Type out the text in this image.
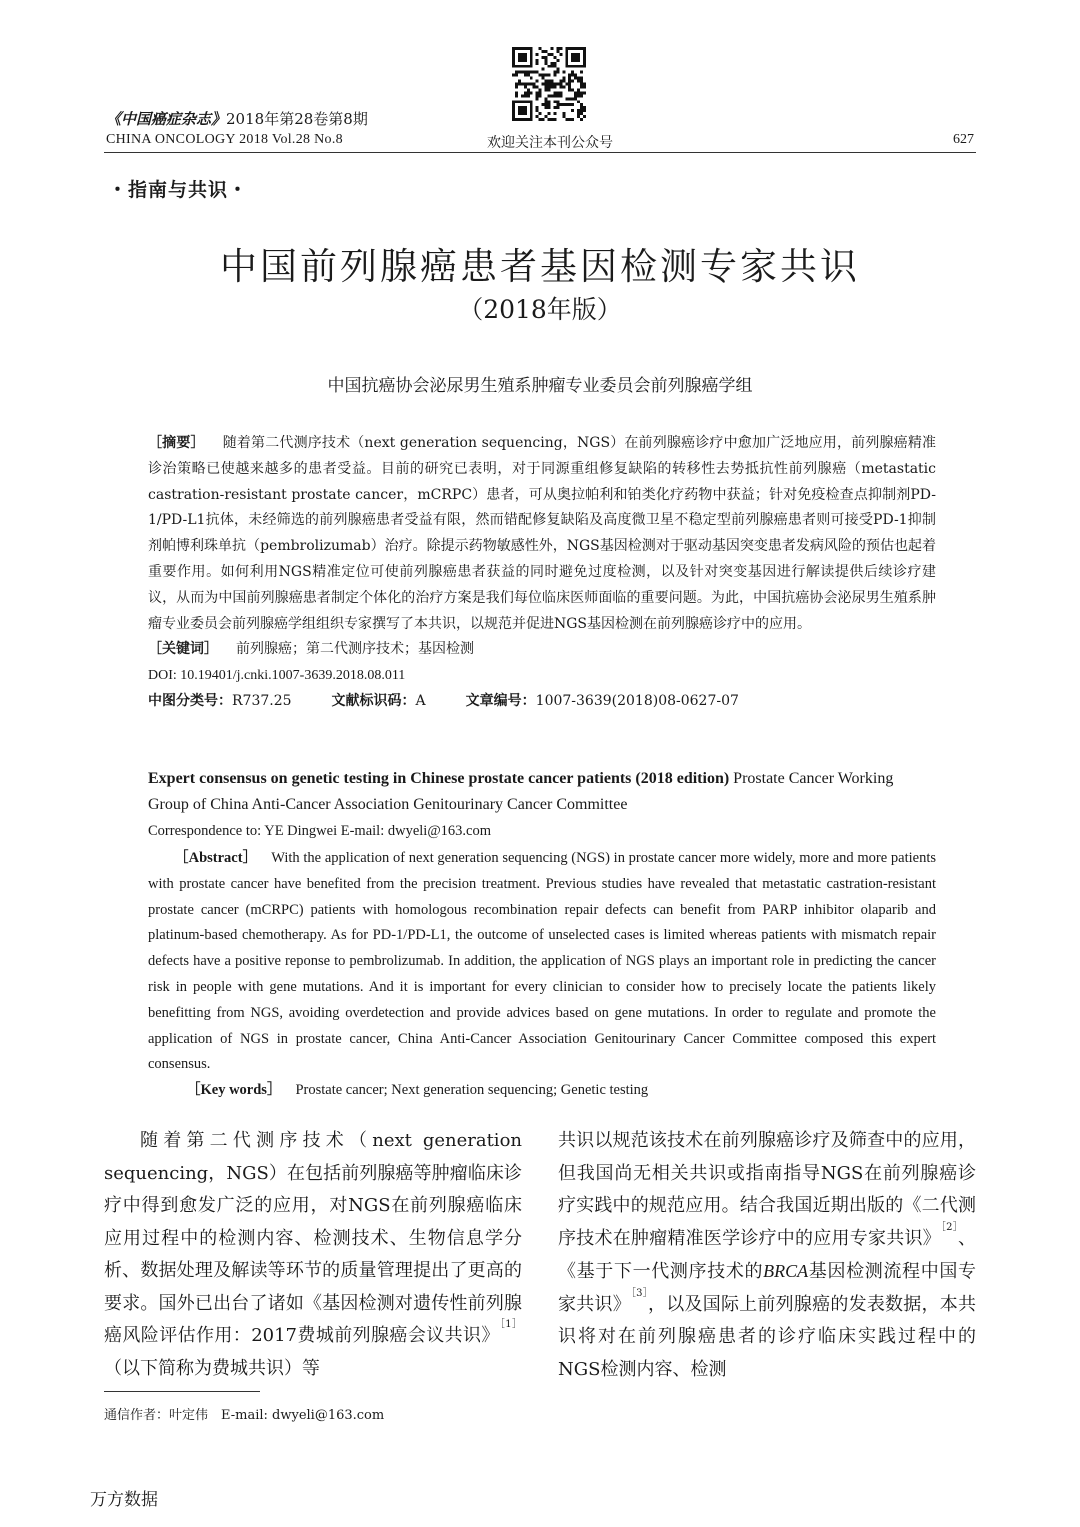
《中国癌症杂志》2018年第28卷第8期
CHINA ONCOLOGY 2018 Vol.28 No.8	欢迎关注本刊公众号	627
・指南与共识・
中国前列腺癌患者基因检测专家共识
（2018年版）
中国抗癌协会泌尿男生殖系肿瘤专业委员会前列腺癌学组
［摘要］ 随着第二代测序技术（next generation sequencing，NGS）在前列腺癌诊疗中愈加广泛地应用，前列腺癌精准诊治策略已使越来越多的患者受益。目前的研究已表明，对于同源重组修复缺陷的转移性去势抵抗性前列腺癌（metastatic castration-resistant prostate cancer，mCRPC）患者，可从奥拉帕利和铂类化疗药物中获益；针对免疫检查点抑制剂PD-1/PD-L1抗体，未经筛选的前列腺癌患者受益有限，然而错配修复缺陷及高度微卫星不稳定型前列腺癌患者则可接受PD-1抑制剂帕博利珠单抗（pembrolizumab）治疗。除提示药物敏感性外，NGS基因检测对于驱动基因突变患者发病风险的预估也起着重要作用。如何利用NGS精准定位可使前列腺癌患者获益的同时避免过度检测，以及针对突变基因进行解读提供后续诊疗建议，从而为中国前列腺癌患者制定个体化的治疗方案是我们每位临床医师面临的重要问题。为此，中国抗癌协会泌尿男生殖系肿瘤专业委员会前列腺癌学组组织专家撰写了本共识，以规范并促进NGS基因检测在前列腺癌诊疗中的应用。
［关键词］ 前列腺癌；第二代测序技术；基因检测
DOI: 10.19401/j.cnki.1007-3639.2018.08.011
中图分类号：R737.25	文献标识码：A	文章编号：1007-3639(2018)08-0627-07
Expert consensus on genetic testing in Chinese prostate cancer patients (2018 edition) Prostate Cancer Working Group of China Anti-Cancer Association Genitourinary Cancer Committee
Correspondence to: YE Dingwei E-mail: dwyeli@163.com
［Abstract］ With the application of next generation sequencing (NGS) in prostate cancer more widely, more and more patients with prostate cancer have benefited from the precision treatment. Previous studies have revealed that metastatic castration-resistant prostate cancer (mCRPC) patients with homologous recombination repair defects can benefit from PARP inhibitor olaparib and platinum-based chemotherapy. As for PD-1/PD-L1, the outcome of unselected cases is limited whereas patients with mismatch repair defects have a positive reponse to pembrolizumab. In addition, the application of NGS plays an important role in predicting the cancer risk in people with gene mutations. And it is important for every clinician to consider how to precisely locate the patients likely benefitting from NGS, avoiding overdetection and provide advices based on gene mutations. In order to regulate and promote the application of NGS in prostate cancer, China Anti-Cancer Association Genitourinary Cancer Committee composed this expert consensus.
［Key words］ Prostate cancer; Next generation sequencing; Genetic testing
随着第二代测序技术（next generation sequencing，NGS）在包括前列腺癌等肿瘤临床诊疗中得到愈发广泛的应用，对NGS在前列腺癌临床应用过程中的检测内容、检测技术、生物信息学分析、数据处理及解读等环节的质量管理提出了更高的要求。国外已出台了诸如《基因检测对遗传性前列腺癌风险评估作用：2017费城前列腺癌会议共识》$^{[1]}$（以下简称为费城共识）等
共识以规范该技术在前列腺癌诊疗及筛查中的应用，但我国尚无相关共识或指南指导NGS在前列腺癌诊疗实践中的规范应用。结合我国近期出版的《二代测序技术在肿瘤精准医学诊疗中的应用专家共识》$^{[2]}$、《基于下一代测序技术的BRCA基因检测流程中国专家共识》$^{[3]}$，以及国际上前列腺癌的发表数据，本共识将对在前列腺癌患者的诊疗临床实践过程中的NGS检测内容、检测
通信作者：叶定伟　E-mail: dwyeli@163.com
万方数据
